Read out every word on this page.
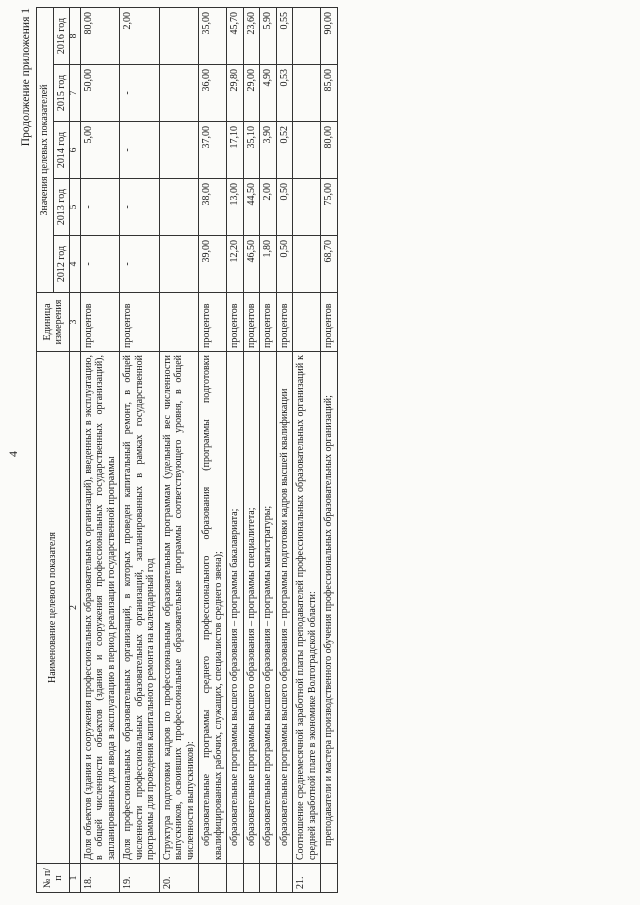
4
Продолжение приложения 1
№ п/п	Наименование целевого показателя	Единица измерения	Значения целевых показателей				
			2012 год	2013 год	2014 год	2015 год	2016 год
1	2	3	4	5	6	7	8
18.	Доля объектов (здания и сооружения профессиональных образовательных организаций), введенных в эксплуатацию, в общей численности объектов (здания и сооружения профессиональных государственных организаций), запланированных для ввода в эксплуатацию в период реализации государственной программы	процентов	-	-	5,00	50,00	80,00
19.	Доля профессиональных образовательных организаций, в которых проведен капитальный ремонт, в общей численности профессиональных образовательных организаций, запланированных в рамках государственной программы для проведения капитального ремонта на календарный год	процентов	-	-	-	-	2,00
20.	Структура подготовки кадров по профессиональным образовательным программам (удельный вес численности выпускников, освоивших профессиональные образовательные программы соответствующего уровня, в общей численности выпускников):						
	образовательные программы среднего профессионального образования (программы подготовки квалифицированных рабочих, служащих, специалистов среднего звена);	процентов	39,00	38,00	37,00	36,00	35,00
	образовательные программы высшего образования – программы бакалавриата;	процентов	12,20	13,00	17,10	29,80	45,70
	образовательные программы высшего образования – программы специалитета;	процентов	46,50	44,50	35,10	29,00	23,60
	образовательные программы высшего образования – программы магистратуры;	процентов	1,80	2,00	3,90	4,90	5,90
	образовательные программы высшего образования – программы подготовки кадров высшей квалификации	процентов	0,50	0,50	0,52	0,53	0,55
21.	Соотношение среднемесячной заработной платы преподавателей профессиональных образовательных организаций к средней заработной плате в экономике Волгоградской области:						
	преподаватели и мастера производственного обучения профессиональных образовательных организаций;	процентов	68,70	75,00	80,00	85,00	90,00
